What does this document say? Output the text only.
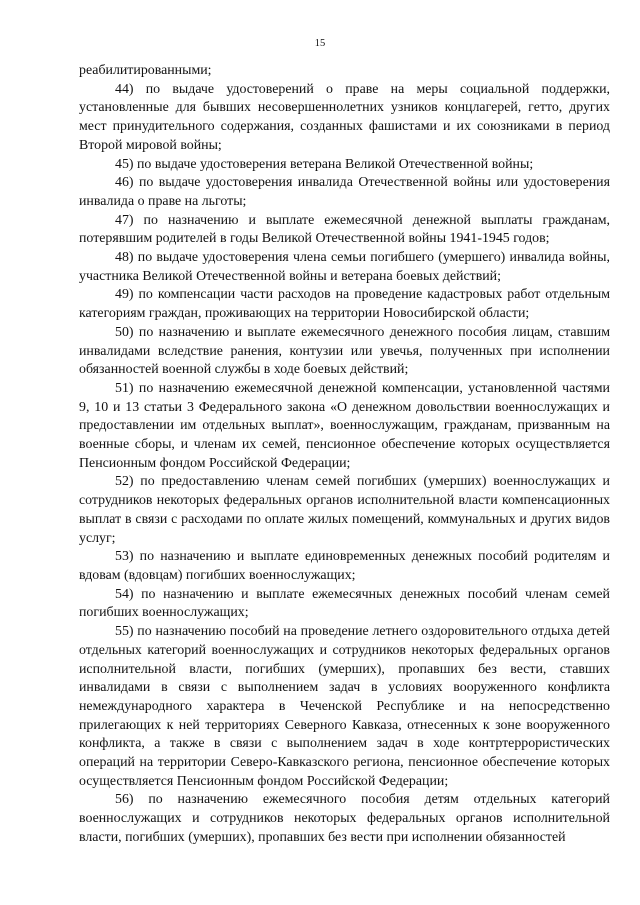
15

реабилитированными;

44) по выдаче удостоверений о праве на меры социальной поддержки, установленные для бывших несовершеннолетних узников концлагерей, гетто, других мест принудительного содержания, созданных фашистами и их союзниками в период Второй мировой войны;

45) по выдаче удостоверения ветерана Великой Отечественной войны;

46) по выдаче удостоверения инвалида Отечественной войны или удостоверения инвалида о праве на льготы;

47) по назначению и выплате ежемесячной денежной выплаты гражданам, потерявшим родителей в годы Великой Отечественной войны 1941-1945 годов;

48) по выдаче удостоверения члена семьи погибшего (умершего) инвалида войны, участника Великой Отечественной войны и ветерана боевых действий;

49) по компенсации части расходов на проведение кадастровых работ отдельным категориям граждан, проживающих на территории Новосибирской области;

50) по назначению и выплате ежемесячного денежного пособия лицам, ставшим инвалидами вследствие ранения, контузии или увечья, полученных при исполнении обязанностей военной службы в ходе боевых действий;

51) по назначению ежемесячной денежной компенсации, установленной частями 9, 10 и 13 статьи 3 Федерального закона «О денежном довольствии военнослужащих и предоставлении им отдельных выплат», военнослужащим, гражданам, призванным на военные сборы, и членам их семей, пенсионное обеспечение которых осуществляется Пенсионным фондом Российской Федерации;

52) по предоставлению членам семей погибших (умерших) военнослужащих и сотрудников некоторых федеральных органов исполнительной власти компенсационных выплат в связи с расходами по оплате жилых помещений, коммунальных и других видов услуг;

53) по назначению и выплате единовременных денежных пособий родителям и вдовам (вдовцам) погибших военнослужащих;

54) по назначению и выплате ежемесячных денежных пособий членам семей погибших военнослужащих;

55) по назначению пособий на проведение летнего оздоровительного отдыха детей отдельных категорий военнослужащих и сотрудников некоторых федеральных органов исполнительной власти, погибших (умерших), пропавших без вести, ставших инвалидами в связи с выполнением задач в условиях вооруженного конфликта немеждународного характера в Чеченской Республике и на непосредственно прилегающих к ней территориях Северного Кавказа, отнесенных к зоне вооруженного конфликта, а также в связи с выполнением задач в ходе контртеррористических операций на территории Северо-Кавказского региона, пенсионное обеспечение которых осуществляется Пенсионным фондом Российской Федерации;

56) по назначению ежемесячного пособия детям отдельных категорий военнослужащих и сотрудников некоторых федеральных органов исполнительной власти, погибших (умерших), пропавших без вести при исполнении обязанностей
